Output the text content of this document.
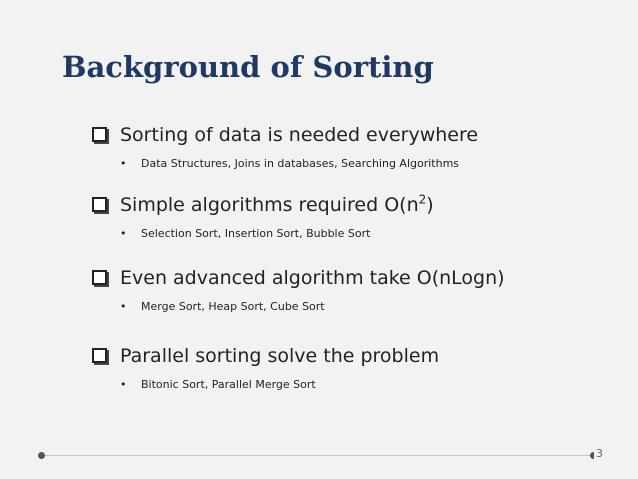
Background of Sorting
Sorting of data is needed everywhere
• Data Structures, Joins in databases, Searching Algorithms
Simple algorithms required $O(n^2)$
• Selection Sort, Insertion Sort, Bubble Sort
Even advanced algorithm take O(nLogn)
• Merge Sort, Heap Sort, Cube Sort
Parallel sorting solve the problem
• Bitonic Sort, Parallel Merge Sort
3
